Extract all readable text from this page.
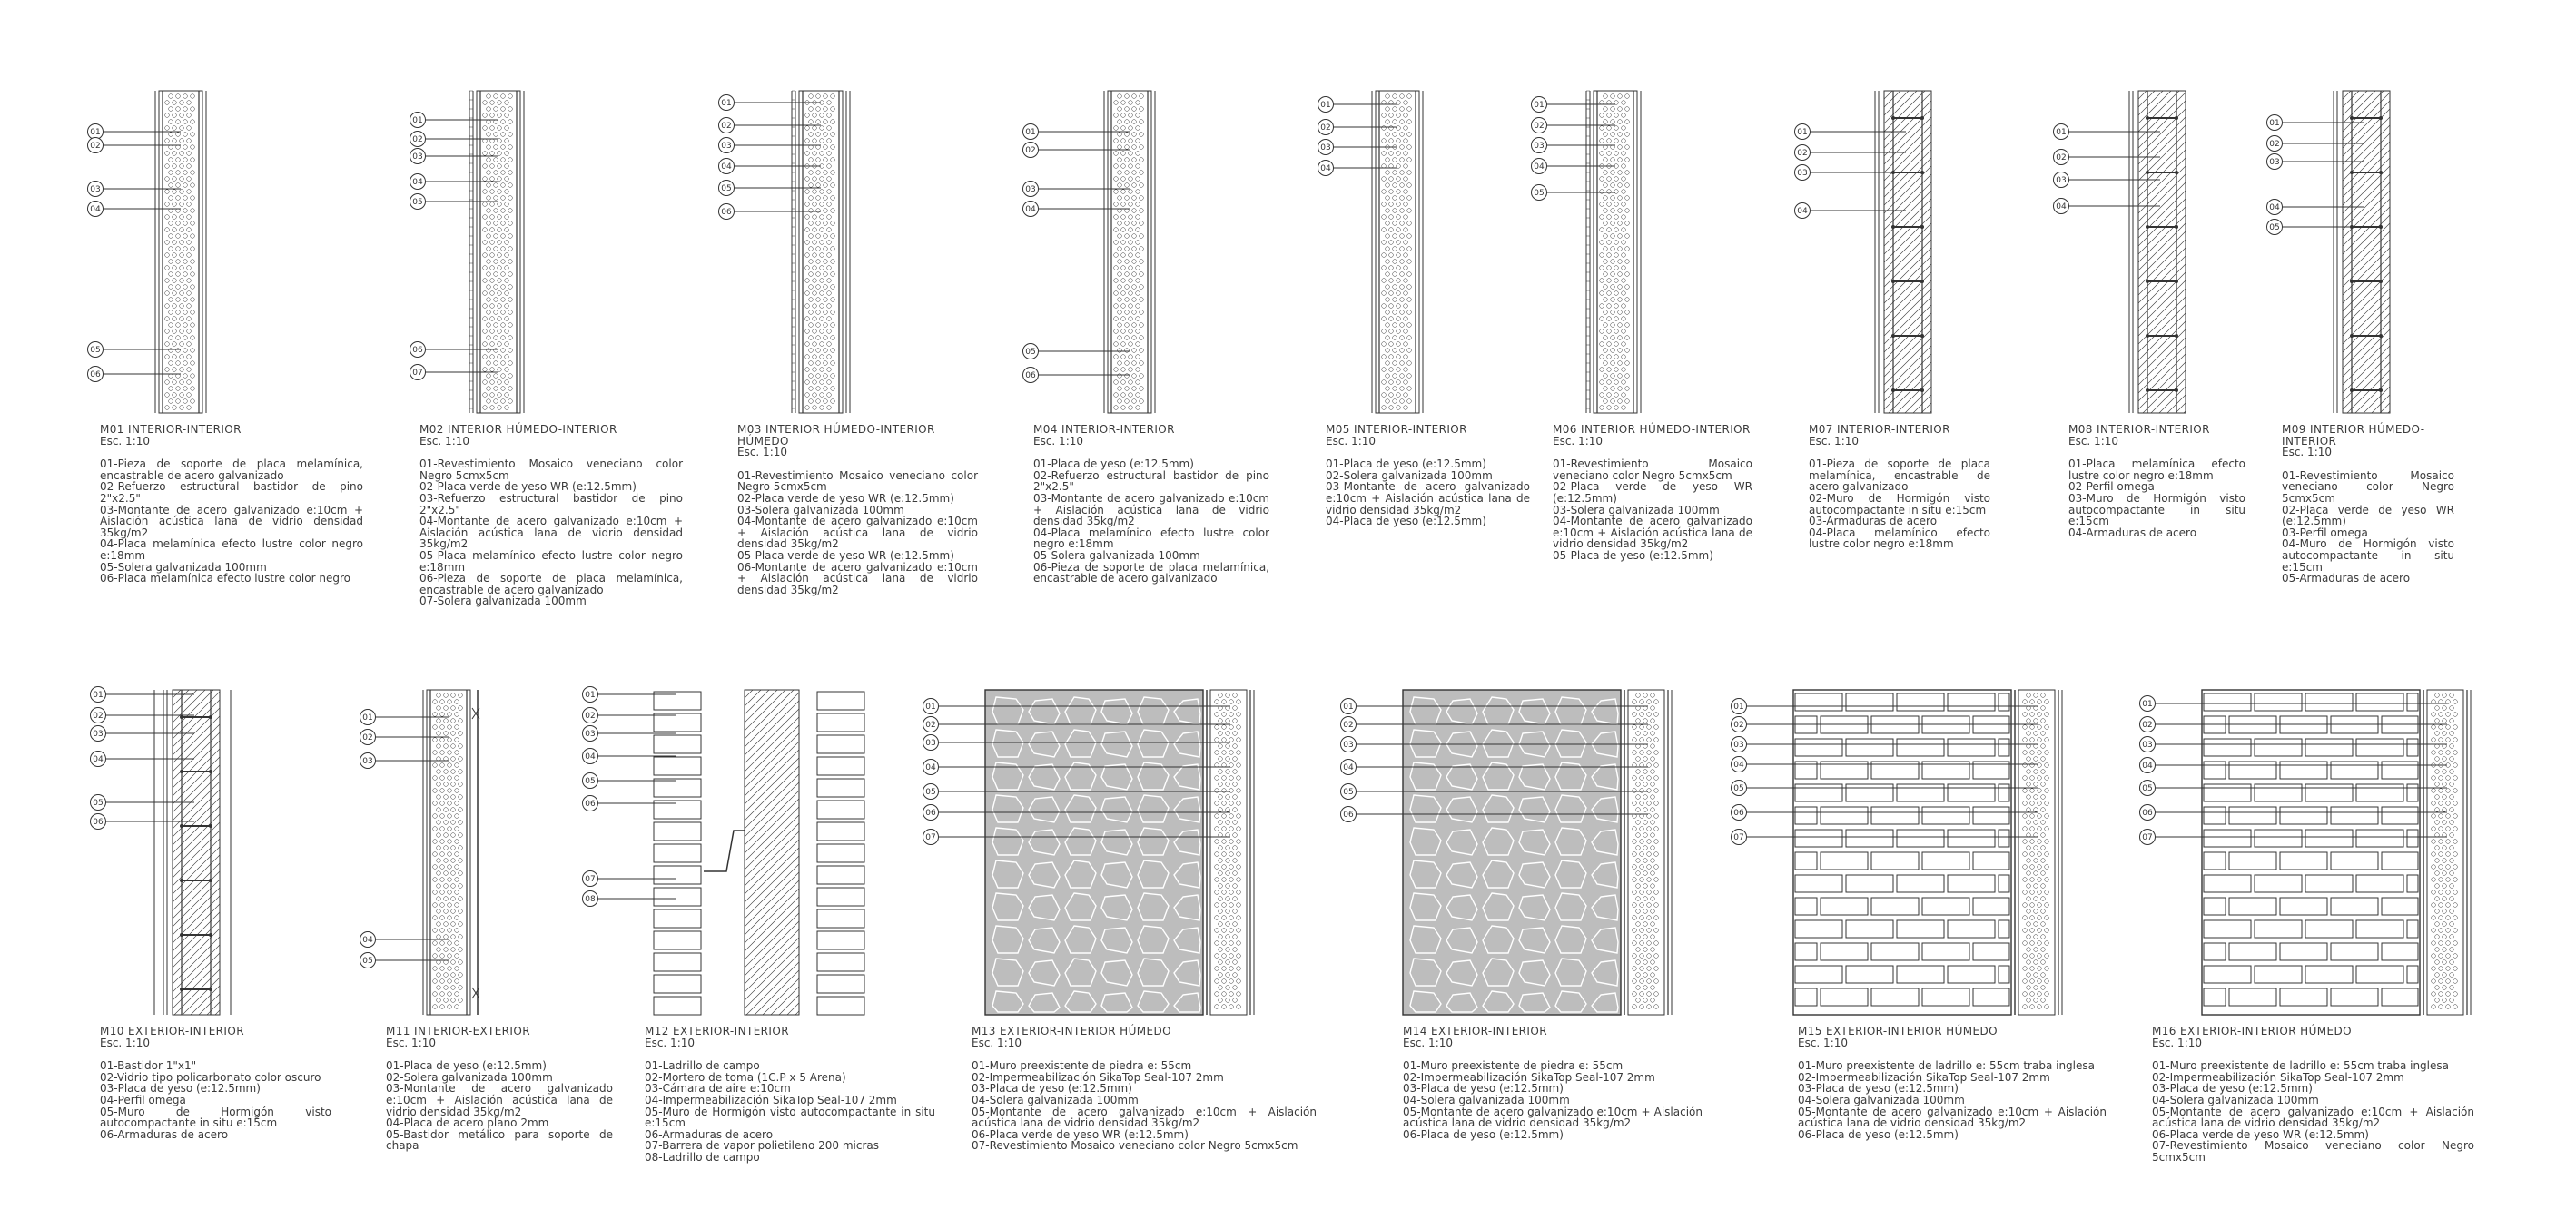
01
02
03
04
05
06
M01 INTERIOR-INTERIOR
Esc. 1:10
01-Pieza de soporte de placa melamínica, encastrable de acero galvanizado
02-Refuerzo estructural bastidor de pino 2"x2.5"
03-Montante de acero galvanizado e:10cm + Aislación acústica lana de vidrio densidad 35kg/m2
04-Placa melamínica efecto lustre color negro e:18mm
05-Solera galvanizada 100mm
06-Placa melamínica efecto lustre color negro
01
02
03
04
05
06
07
M02 INTERIOR HÚMEDO-INTERIOR
Esc. 1:10
01-Revestimiento Mosaico veneciano color Negro 5cmx5cm
02-Placa verde de yeso WR (e:12.5mm)
03-Refuerzo estructural bastidor de pino 2"x2.5"
04-Montante de acero galvanizado e:10cm + Aislación acústica lana de vidrio densidad 35kg/m2
05-Placa melamínico efecto lustre color negro e:18mm
06-Pieza de soporte de placa melamínica, encastrable de acero galvanizado
07-Solera galvanizada 100mm
01
02
03
04
05
06
M03 INTERIOR HÚMEDO-INTERIOR HÚMEDO
Esc. 1:10
01-Revestimiento Mosaico veneciano color Negro 5cmx5cm
02-Placa verde de yeso WR (e:12.5mm)
03-Solera galvanizada 100mm
04-Montante de acero galvanizado e:10cm + Aislación acústica lana de vidrio densidad 35kg/m2
05-Placa verde de yeso WR (e:12.5mm)
06-Montante de acero galvanizado e:10cm + Aislación acústica lana de vidrio densidad 35kg/m2
01
02
03
04
05
06
M04 INTERIOR-INTERIOR
Esc. 1:10
01-Placa de yeso (e:12.5mm)
02-Refuerzo estructural bastidor de pino 2"x2.5"
03-Montante de acero galvanizado e:10cm + Aislación acústica lana de vidrio densidad 35kg/m2
04-Placa melamínico efecto lustre color negro e:18mm
05-Solera galvanizada 100mm
06-Pieza de soporte de placa melamínica, encastrable de acero galvanizado
01
02
03
04
M05 INTERIOR-INTERIOR
Esc. 1:10
01-Placa de yeso (e:12.5mm)
02-Solera galvanizada 100mm
03-Montante de acero galvanizado e:10cm + Aislación acústica lana de vidrio densidad 35kg/m2
04-Placa de yeso (e:12.5mm)
01
02
03
04
05
M06 INTERIOR HÚMEDO-INTERIOR
Esc. 1:10
01-Revestimiento Mosaico veneciano color Negro 5cmx5cm
02-Placa verde de yeso WR (e:12.5mm)
03-Solera galvanizada 100mm
04-Montante de acero galvanizado e:10cm + Aislación acústica lana de vidrio densidad 35kg/m2
05-Placa de yeso (e:12.5mm)
01
02
03
04
M07 INTERIOR-INTERIOR
Esc. 1:10
01-Pieza de soporte de placa melamínica, encastrable de acero galvanizado
02-Muro de Hormigón visto autocompactante in situ e:15cm
03-Armaduras de acero
04-Placa melamínico efecto lustre color negro e:18mm
01
02
03
04
M08 INTERIOR-INTERIOR
Esc. 1:10
01-Placa melamínica efecto lustre color negro e:18mm
02-Perfil omega
03-Muro de Hormigón visto autocompactante in situ e:15cm
04-Armaduras de acero
01
02
03
04
05
M09 INTERIOR HÚMEDO-INTERIOR
Esc. 1:10
01-Revestimiento Mosaico veneciano color Negro 5cmx5cm
02-Placa verde de yeso WR (e:12.5mm)
03-Perfil omega
04-Muro de Hormigón visto autocompactante in situ e:15cm
05-Armaduras de acero
01
02
03
04
05
06
M10 EXTERIOR-INTERIOR
Esc. 1:10
01-Bastidor 1"x1"
02-Vidrio tipo policarbonato color oscuro
03-Placa de yeso (e:12.5mm)
04-Perfil omega
05-Muro de Hormigón visto autocompactante in situ e:15cm
06-Armaduras de acero
01
02
03
04
05
M11 INTERIOR-EXTERIOR
Esc. 1:10
01-Placa de yeso (e:12.5mm)
02-Solera galvanizada 100mm
03-Montante de acero galvanizado e:10cm + Aislación acústica lana de vidrio densidad 35kg/m2
04-Placa de acero plano 2mm
05-Bastidor metálico para soporte de chapa
01
02
03
04
05
06
07
08
M12 EXTERIOR-INTERIOR
Esc. 1:10
01-Ladrillo de campo
02-Mortero de toma (1C.P x 5 Arena)
03-Cámara de aire e:10cm
04-Impermeabilización SikaTop Seal-107 2mm
05-Muro de Hormigón visto autocompactante in situ e:15cm
06-Armaduras de acero
07-Barrera de vapor polietileno 200 micras
08-Ladrillo de campo
01
02
03
04
05
06
07
M13 EXTERIOR-INTERIOR HÚMEDO
Esc. 1:10
01-Muro preexistente de piedra e: 55cm
02-Impermeabilización SikaTop Seal-107 2mm
03-Placa de yeso (e:12.5mm)
04-Solera galvanizada 100mm
05-Montante de acero galvanizado e:10cm + Aislación acústica lana de vidrio densidad 35kg/m2
06-Placa verde de yeso WR (e:12.5mm)
07-Revestimiento Mosaico veneciano color Negro 5cmx5cm
01
02
03
04
05
06
M14 EXTERIOR-INTERIOR
Esc. 1:10
01-Muro preexistente de piedra e: 55cm
02-Impermeabilización SikaTop Seal-107 2mm
03-Placa de yeso (e:12.5mm)
04-Solera galvanizada 100mm
05-Montante de acero galvanizado e:10cm + Aislación acústica lana de vidrio densidad 35kg/m2
06-Placa de yeso (e:12.5mm)
01
02
03
04
05
06
07
M15 EXTERIOR-INTERIOR HÚMEDO
Esc. 1:10
01-Muro preexistente de ladrillo e: 55cm traba inglesa
02-Impermeabilización SikaTop Seal-107 2mm
03-Placa de yeso (e:12.5mm)
04-Solera galvanizada 100mm
05-Montante de acero galvanizado e:10cm + Aislación acústica lana de vidrio densidad 35kg/m2
06-Placa de yeso (e:12.5mm)
01
02
03
04
05
06
07
M16 EXTERIOR-INTERIOR HÚMEDO
Esc. 1:10
01-Muro preexistente de ladrillo e: 55cm traba inglesa
02-Impermeabilización SikaTop Seal-107 2mm
03-Placa de yeso (e:12.5mm)
04-Solera galvanizada 100mm
05-Montante de acero galvanizado e:10cm + Aislación acústica lana de vidrio densidad 35kg/m2
06-Placa verde de yeso WR (e:12.5mm)
07-Revestimiento Mosaico veneciano color Negro 5cmx5cm
